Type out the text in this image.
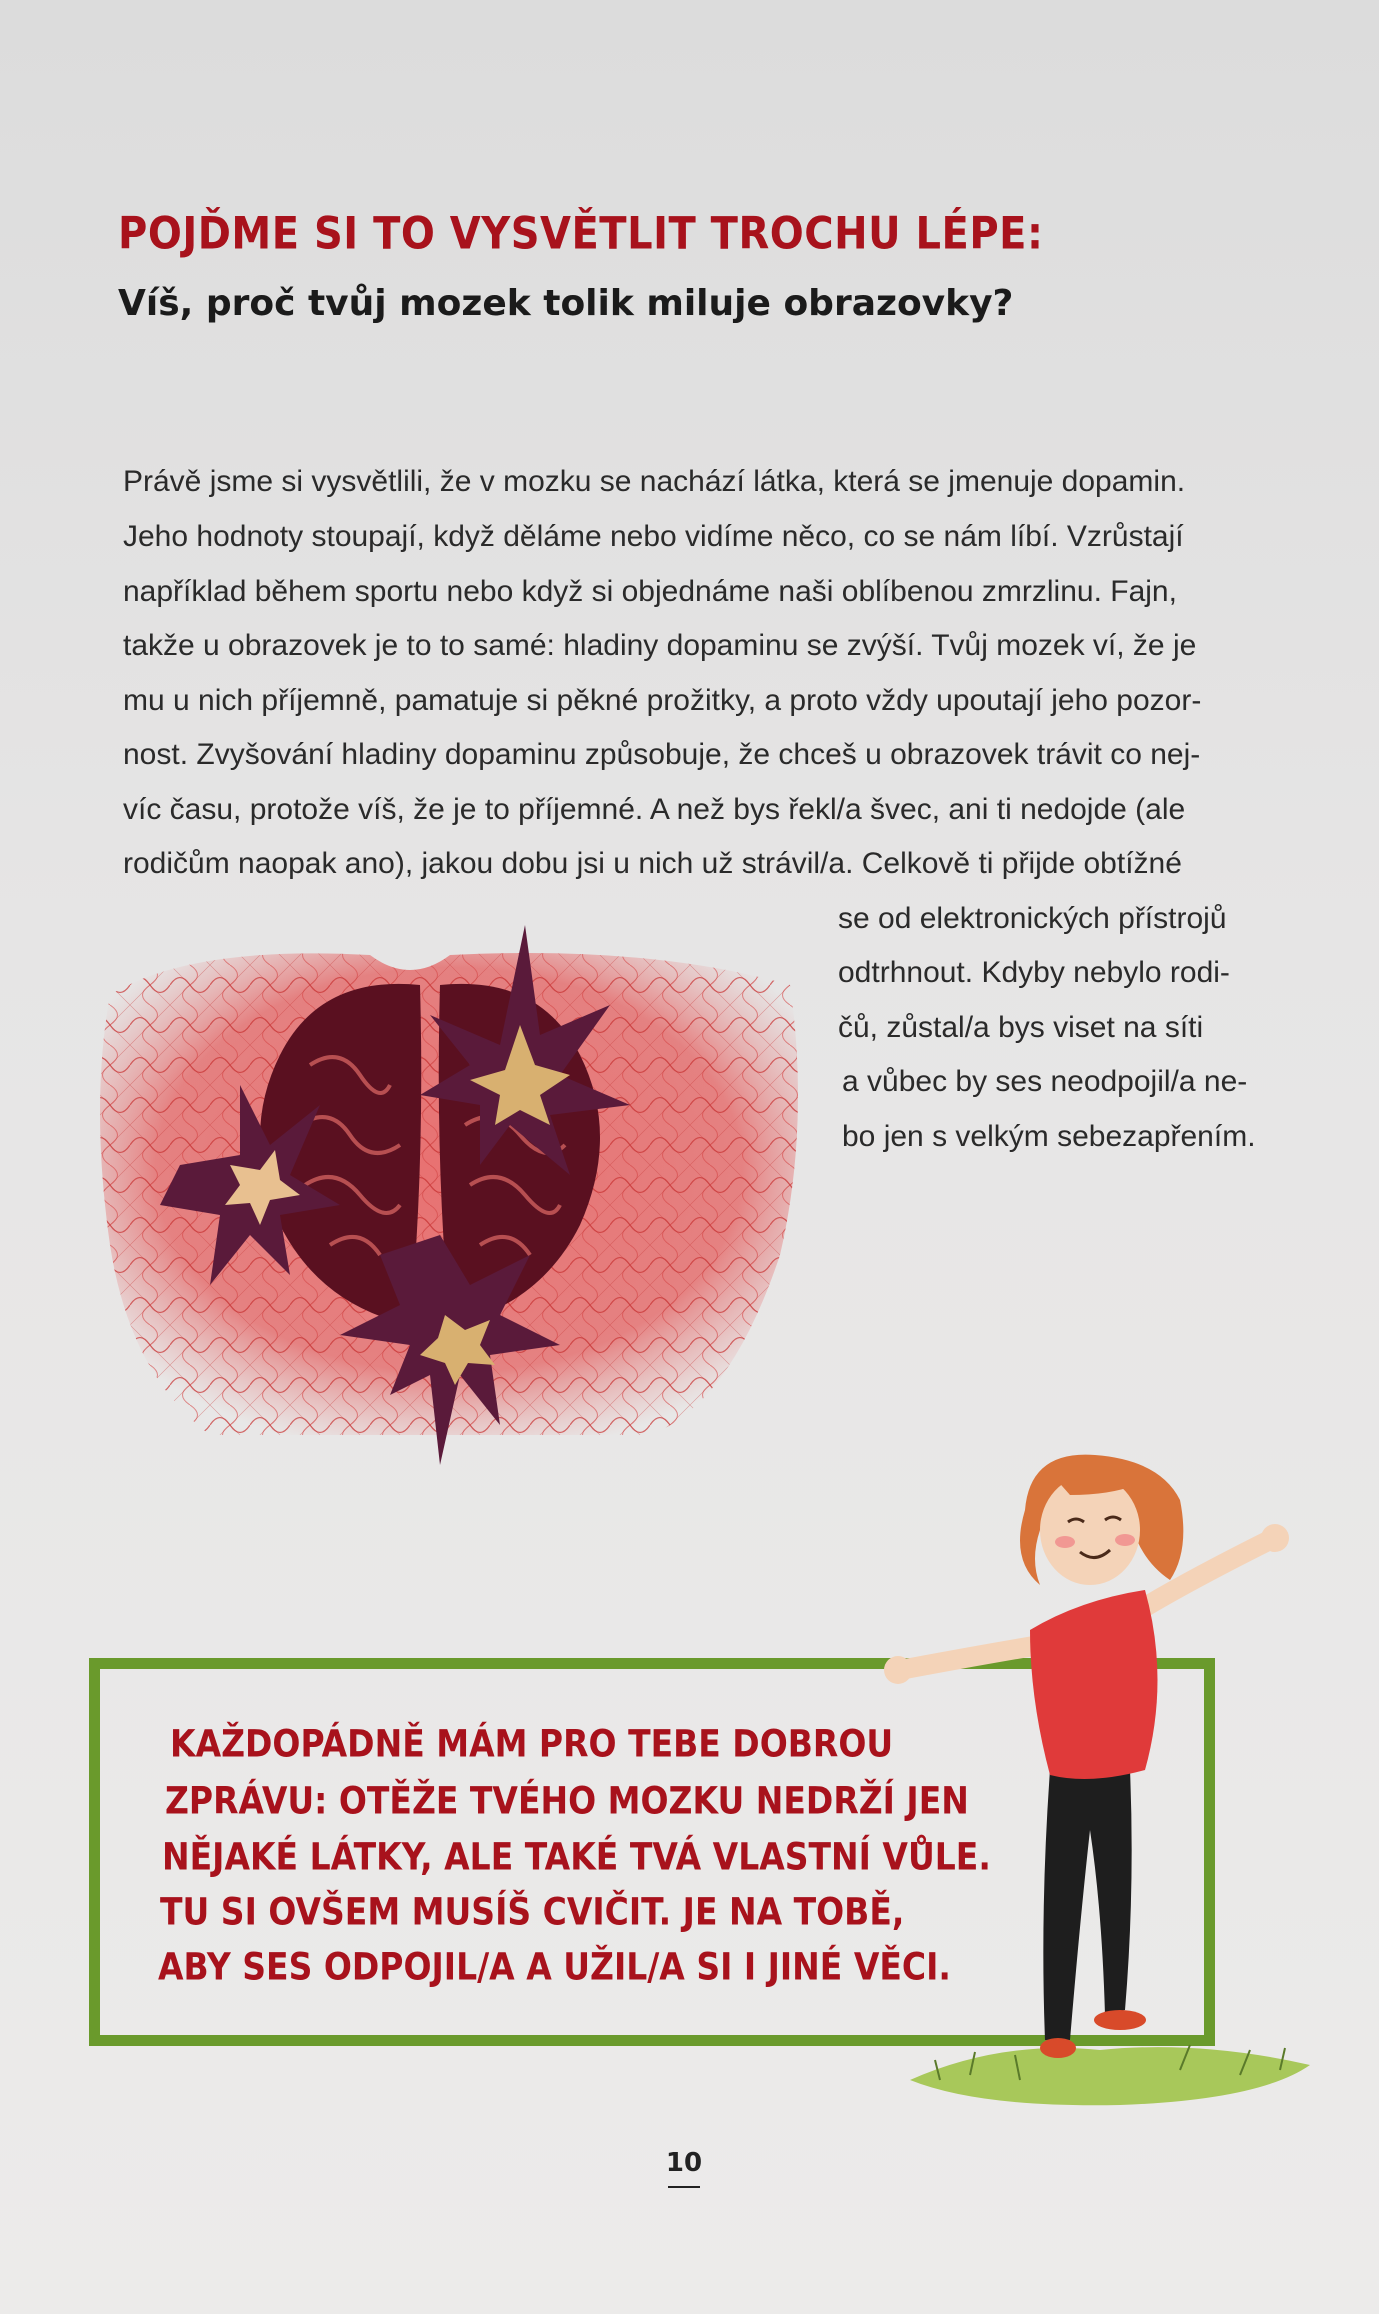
POJĎME SI TO VYSVĚTLIT TROCHU LÉPE:
Víš, proč tvůj mozek tolik miluje obrazovky?

Právě jsme si vysvětlili, že v mozku se nachází látka, která se jmenuje dopamin.

Jeho hodnoty stoupají, když děláme nebo vidíme něco, co se nám líbí. Vzrůstají

například během sportu nebo když si objednáme naši oblíbenou zmrzlinu. Fajn,

takže u obrazovek je to to samé: hladiny dopaminu se zvýší. Tvůj mozek ví, že je

mu u nich příjemně, pamatuje si pěkné prožitky, a proto vždy upoutají jeho pozor-

nost. Zvyšování hladiny dopaminu způsobuje, že chceš u obrazovek trávit co nej-

víc času, protože víš, že je to příjemné. A než bys řekl/a švec, ani ti nedojde (ale

rodičům naopak ano), jakou dobu jsi u nich už strávil/a. Celkově ti přijde obtížné

se od elektronických přístrojů

odtrhnout. Kdyby nebylo rodi-

čů, zůstal/a bys viset na síti

a vůbec by ses neodpojil/a ne-

bo jen s velkým sebezapřením.

KAŽDOPÁDNĚ MÁM PRO TEBE DOBROU

ZPRÁVU: OTĚŽE TVÉHO MOZKU NEDRŽÍ JEN

NĚJAKÉ LÁTKY, ALE TAKÉ TVÁ VLASTNÍ VŮLE.

TU SI OVŠEM MUSÍŠ CVIČIT. JE NA TOBĚ,

ABY SES ODPOJIL/A A UŽIL/A SI I JINÉ VĚCI.

10
